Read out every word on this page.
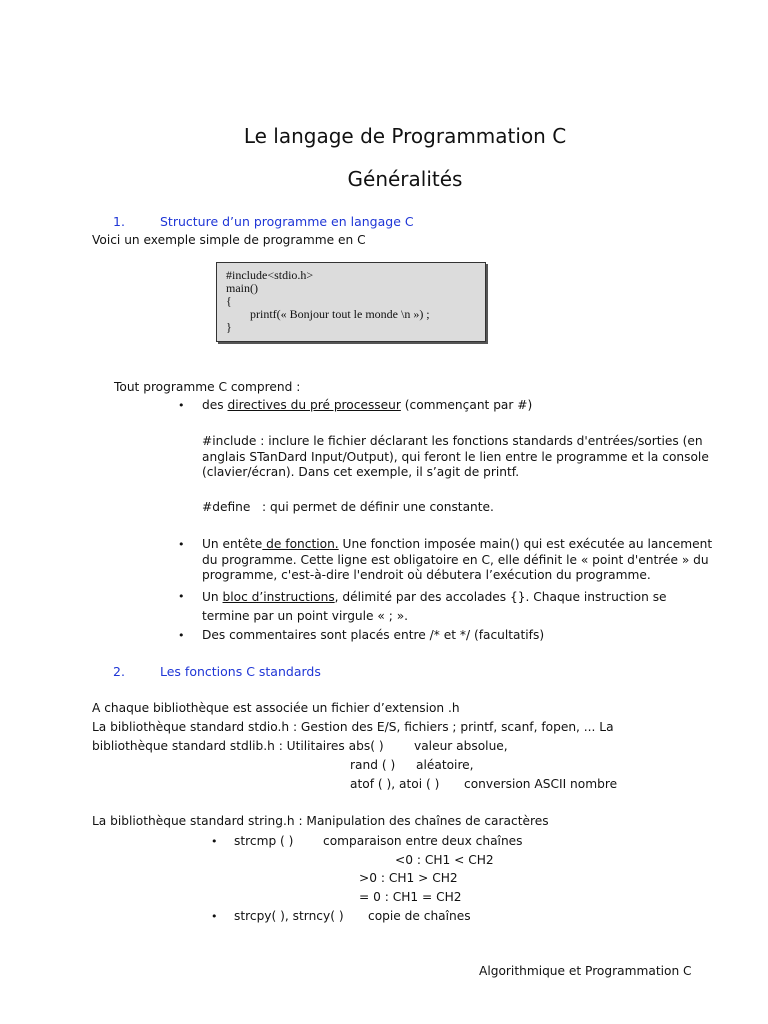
Le langage de Programmation C
Généralités
1.	Structure d’un programme en langage C
Voici un exemple simple de programme en C
#include<stdio.h>
main()
{
printf(« Bonjour tout le monde \n ») ;
}
Tout programme C comprend :
• des directives du pré processeur (commençant par #)
#include : inclure le fichier déclarant les fonctions standards d'entrées/sorties (en anglais STanDard Input/Output), qui feront le lien entre le programme et la console (clavier/écran). Dans cet exemple, il s’agit de printf.
#define   : qui permet de définir une constante.
• Un entête de fonction. Une fonction imposée main() qui est exécutée au lancement du programme. Cette ligne est obligatoire en C, elle définit le « point d'entrée » du programme, c'est-à-dire l'endroit où débutera l’exécution du programme.
• Un bloc d’instructions, délimité par des accolades {}. Chaque instruction se termine par un point virgule « ; ».
• Des commentaires sont placés entre /* et */ (facultatifs)
2.	Les fonctions C standards
A chaque bibliothèque est associée un fichier d’extension .h
La bibliothèque standard stdio.h : Gestion des E/S, fichiers ; printf, scanf, fopen, ... La
bibliothèque standard stdlib.h : Utilitaires abs( ) valeur absolue,
rand ( ) aléatoire,
atof ( ), atoi ( ) conversion ASCII nombre
La bibliothèque standard string.h : Manipulation des chaînes de caractères
• strcmp ( ) comparaison entre deux chaînes
<0 : CH1 < CH2
>0 : CH1 > CH2
= 0 : CH1 = CH2
• strcpy( ), strncy( ) copie de chaînes
Algorithmique et Programmation C
